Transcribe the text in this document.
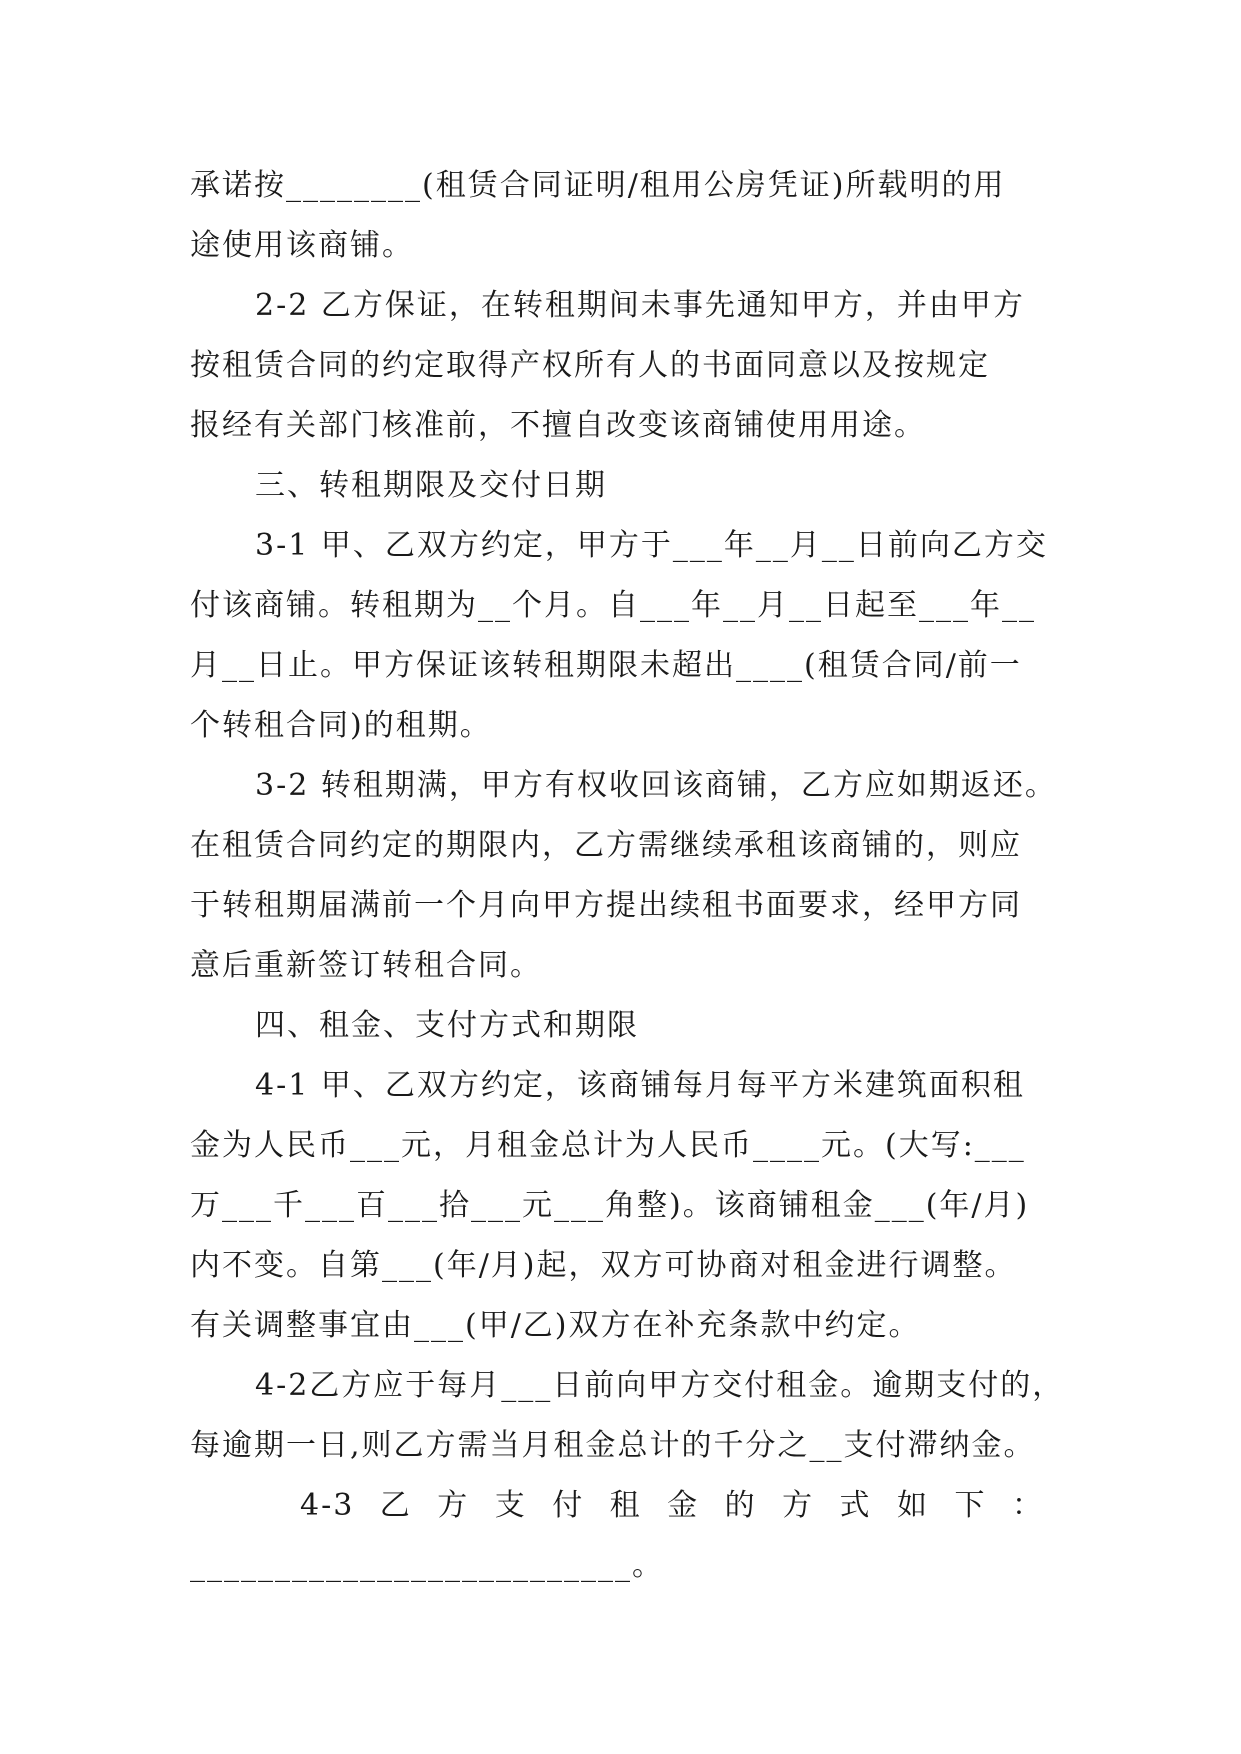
承诺按________(租赁合同证明/租用公房凭证)所载明的用
途使用该商铺。
2-2 乙方保证，在转租期间未事先通知甲方，并由甲方
按租赁合同的约定取得产权所有人的书面同意以及按规定
报经有关部门核准前，不擅自改变该商铺使用用途。
三、转租期限及交付日期
3-1 甲、乙双方约定，甲方于___年__月__日前向乙方交
付该商铺。转租期为__个月。自___年__月__日起至___年__
月__日止。甲方保证该转租期限未超出____(租赁合同/前一
个转租合同)的租期。
3-2 转租期满，甲方有权收回该商铺，乙方应如期返还。
在租赁合同约定的期限内，乙方需继续承租该商铺的，则应
于转租期届满前一个月向甲方提出续租书面要求，经甲方同
意后重新签订转租合同。
四、租金、支付方式和期限
4-1 甲、乙双方约定，该商铺每月每平方米建筑面积租
金为人民币___元，月租金总计为人民币____元。(大写:___
万___千___百___拾___元___角整)。该商铺租金___(年/月)
内不变。自第___(年/月)起，双方可协商对租金进行调整。
有关调整事宜由___(甲/乙)双方在补充条款中约定。
4-2乙方应于每月___日前向甲方交付租金。逾期支付的，
每逾期一日,则乙方需当月租金总计的千分之__支付滞纳金。
4-3 乙 方 支 付 租 金 的 方 式 如 下 ：
__________________________。
